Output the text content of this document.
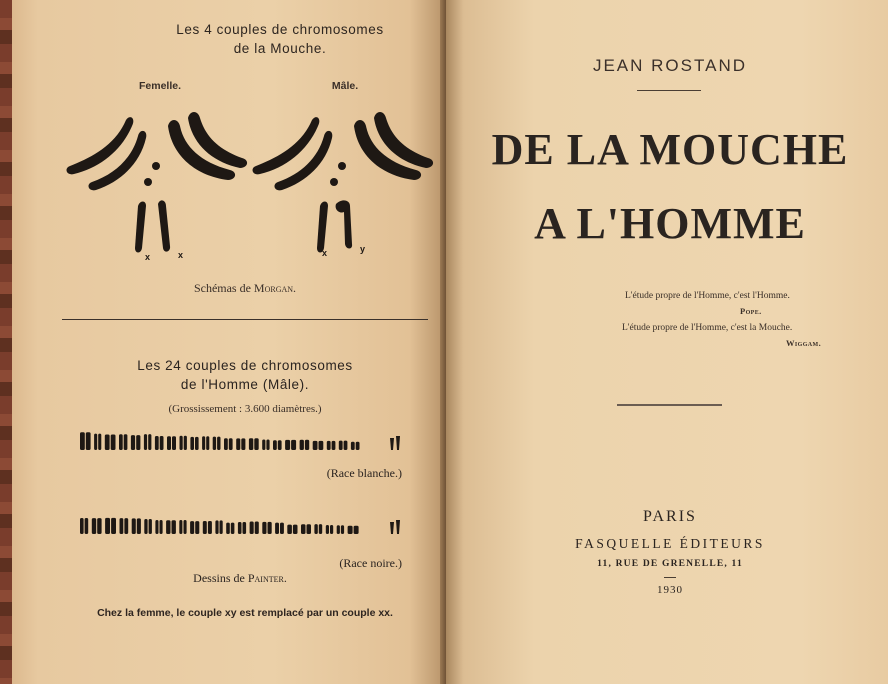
Les 4 couples de chromosomes
de la Mouche.
Femelle.	Mâle.
x	x	x	y
Schémas de Morgan.
Les 24 couples de chromosomes
de l'Homme (Mâle).
(Grossissement : 3.600 diamètres.)
(Race blanche.)
(Race noire.)
Dessins de Painter.
Chez la femme, le couple xy est remplacé par un couple xx.
JEAN ROSTAND
DE LA MOUCHE
A L'HOMME
L'étude propre de l'Homme, c'est l'Homme.
Pope.
L'étude propre de l'Homme, c'est la Mouche.
Wiggam.
PARIS
FASQUELLE ÉDITEURS
11, RUE DE GRENELLE, 11
1930
